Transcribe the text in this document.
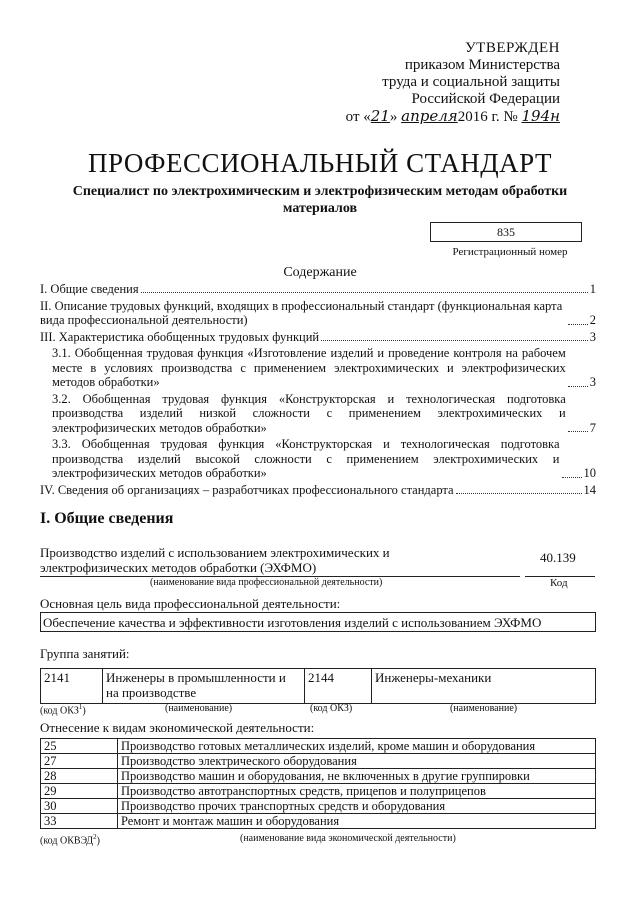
УТВЕРЖДЕН
приказом Министерства
труда и социальной защиты
Российской Федерации
от «21» апреля2016 г. № 194н
ПРОФЕССИОНАЛЬНЫЙ СТАНДАРТ
Специалист по электрохимическим и электрофизическим методам обработки материалов
835
Регистрационный номер
Содержание
I. Общие сведения	1
II. Описание трудовых функций, входящих в профессиональный стандарт (функциональная карта вида профессиональной деятельности)	2
III. Характеристика обобщенных трудовых функций	3
3.1. Обобщенная трудовая функция «Изготовление изделий и проведение контроля на рабочем месте в условиях производства с применением электрохимических и электрофизических методов обработки»	3
3.2. Обобщенная трудовая функция «Конструкторская и технологическая подготовка производства изделий низкой сложности с применением электрохимических и электрофизических методов обработки»	7
3.3. Обобщенная трудовая функция «Конструкторская и технологическая подготовка производства изделий высокой сложности с применением электрохимических и электрофизических методов обработки»	10
IV. Сведения об организациях – разработчиках профессионального стандарта	14
I. Общие сведения
Производство изделий с использованием электрохимических и электрофизических методов обработки (ЭХФМО)
(наименование вида профессиональной деятельности)
40.139
Код
Основная цель вида профессиональной деятельности:
Обеспечение качества и эффективности изготовления изделий с использованием ЭХФМО
Группа занятий:
2141	Инженеры в промышленности и на производстве	2144	Инженеры-механики
(код ОКЗ$^1$)	(наименование)	(код ОКЗ)	(наименование)
Отнесение к видам экономической деятельности:
25	Производство готовых металлических изделий, кроме машин и оборудования
27	Производство электрического оборудования
28	Производство машин и оборудования, не включенных в другие группировки
29	Производство автотранспортных средств, прицепов и полуприцепов
30	Производство прочих транспортных средств и оборудования
33	Ремонт и монтаж машин и оборудования
(код ОКВЭД$^2$)	(наименование вида экономической деятельности)
